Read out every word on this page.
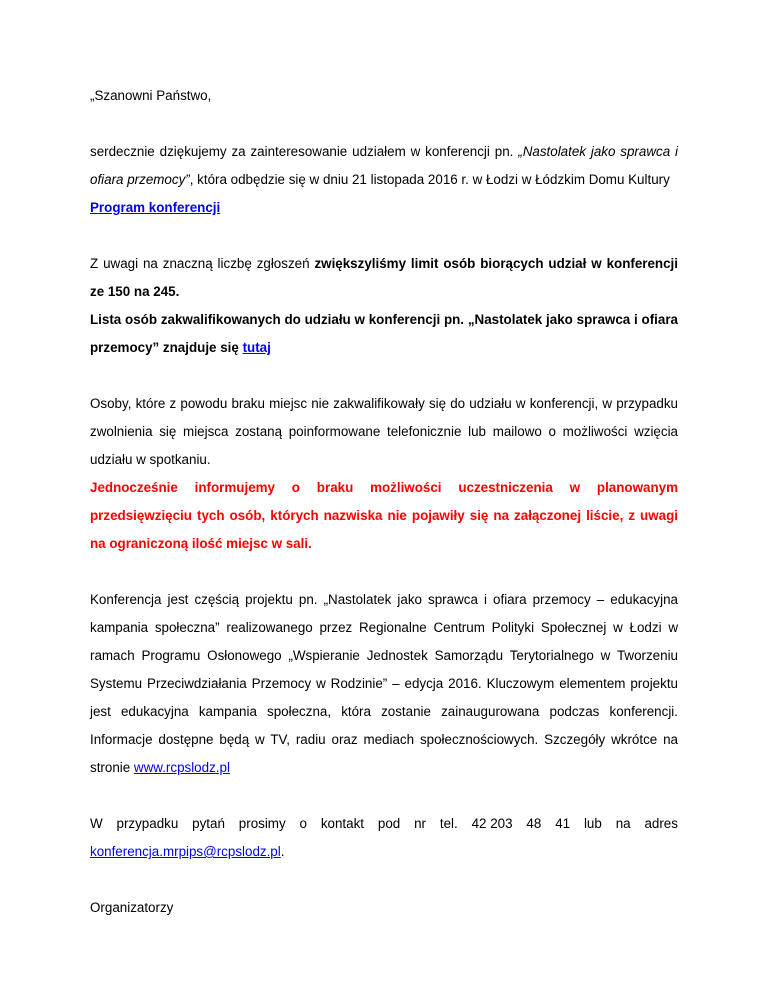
„Szanowni Państwo,

serdecznie dziękujemy za zainteresowanie udziałem w konferencji pn. „Nastolatek jako sprawca i ofiara przemocy”, która odbędzie się w dniu 21 listopada 2016 r. w Łodzi w Łódzkim Domu Kultury

Program konferencji

Z uwagi na znaczną liczbę zgłoszeń zwiększyliśmy limit osób biorących udział w konferencji ze 150 na 245.

Lista osób zakwalifikowanych do udziału w konferencji pn. „Nastolatek jako sprawca i ofiara przemocy” znajduje się tutaj

Osoby, które z powodu braku miejsc nie zakwalifikowały się do udziału w konferencji, w przypadku zwolnienia się miejsca zostaną poinformowane telefonicznie lub mailowo o możliwości wzięcia udziału w spotkaniu.

Jednocześnie informujemy o braku możliwości uczestniczenia w planowanym przedsięwzięciu tych osób, których nazwiska nie pojawiły się na załączonej liście, z uwagi na ograniczoną ilość miejsc w sali.

Konferencja jest częścią projektu pn. „Nastolatek jako sprawca i ofiara przemocy – edukacyjna kampania społeczna” realizowanego przez Regionalne Centrum Polityki Społecznej w Łodzi w ramach Programu Osłonowego „Wspieranie Jednostek Samorządu Terytorialnego w Tworzeniu Systemu Przeciwdziałania Przemocy w Rodzinie” – edycja 2016. Kluczowym elementem projektu jest edukacyjna kampania społeczna, która zostanie zainaugurowana podczas konferencji. Informacje dostępne będą w TV, radiu oraz mediach społecznościowych. Szczegóły wkrótce na stronie www.rcpslodz.pl

W przypadku pytań prosimy o kontakt pod nr tel. 42 203 48 41 lub na adres

konferencja.mrpips@rcpslodz.pl.

Organizatorzy
